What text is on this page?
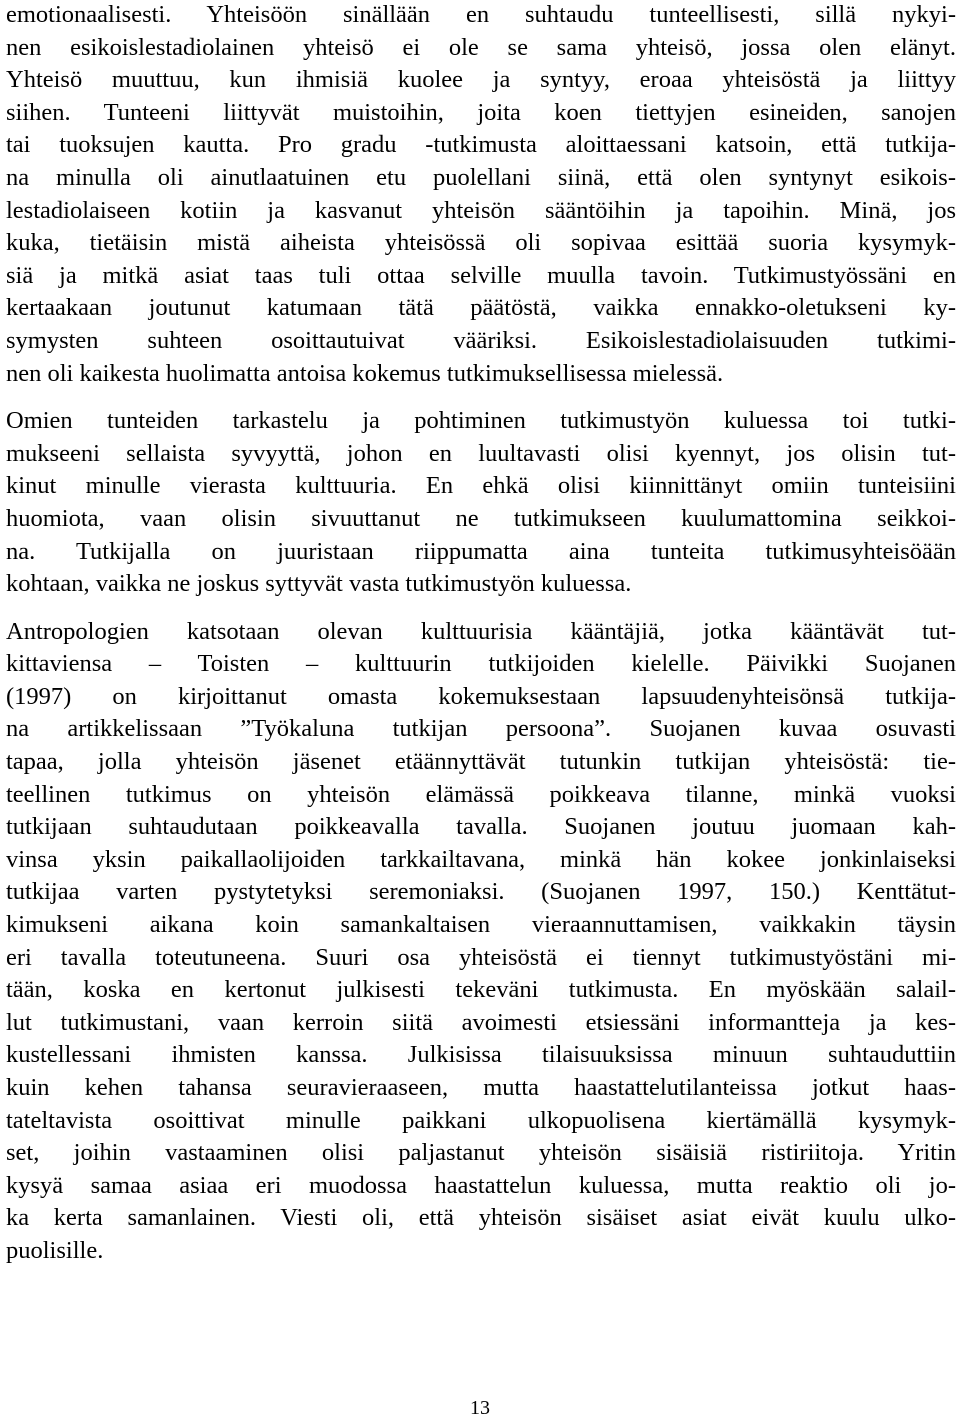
emotionaalisesti. Yhteisöön sinällään en suhtaudu tunteellisesti, sillä nykyi-
nen esikoislestadiolainen yhteisö ei ole se sama yhteisö, jossa olen elänyt.
Yhteisö muuttuu, kun ihmisiä kuolee ja syntyy, eroaa yhteisöstä ja liittyy
siihen. Tunteeni liittyvät muistoihin, joita koen tiettyjen esineiden, sanojen
tai tuoksujen kautta. Pro gradu -tutkimusta aloittaessani katsoin, että tutkija-
na minulla oli ainutlaatuinen etu puolellani siinä, että olen syntynyt esikois-
lestadiolaiseen kotiin ja kasvanut yhteisön sääntöihin ja tapoihin. Minä, jos
kuka, tietäisin mistä aiheista yhteisössä oli sopivaa esittää suoria kysymyk-
siä ja mitkä asiat taas tuli ottaa selville muulla tavoin. Tutkimustyössäni en
kertaakaan joutunut katumaan tätä päätöstä, vaikka ennakko-oletukseni ky-
symysten suhteen osoittautuivat vääriksi. Esikoislestadiolaisuuden tutkimi-
nen oli kaikesta huolimatta antoisa kokemus tutkimuksellisessa mielessä.
Omien tunteiden tarkastelu ja pohtiminen tutkimustyön kuluessa toi tutki-
mukseeni sellaista syvyyttä, johon en luultavasti olisi kyennyt, jos olisin tut-
kinut minulle vierasta kulttuuria. En ehkä olisi kiinnittänyt omiin tunteisiini
huomiota, vaan olisin sivuuttanut ne tutkimukseen kuulumattomina seikkoi-
na. Tutkijalla on juuristaan riippumatta aina tunteita tutkimusyhteisöään
kohtaan, vaikka ne joskus syttyvät vasta tutkimustyön kuluessa.
Antropologien katsotaan olevan kulttuurisia kääntäjiä, jotka kääntävät tut-
kittaviensa – Toisten – kulttuurin tutkijoiden kielelle. Päivikki Suojanen
(1997) on kirjoittanut omasta kokemuksestaan lapsuudenyhteisönsä tutkija-
na artikkelissaan ”Työkaluna tutkijan persoona”. Suojanen kuvaa osuvasti
tapaa, jolla yhteisön jäsenet etäännyttävät tutunkin tutkijan yhteisöstä: tie-
teellinen tutkimus on yhteisön elämässä poikkeava tilanne, minkä vuoksi
tutkijaan suhtaudutaan poikkeavalla tavalla. Suojanen joutuu juomaan kah-
vinsa yksin paikallaolijoiden tarkkailtavana, minkä hän kokee jonkinlaiseksi
tutkijaa varten pystytetyksi seremoniaksi. (Suojanen 1997, 150.) Kenttätut-
kimukseni aikana koin samankaltaisen vieraannuttamisen, vaikkakin täysin
eri tavalla toteutuneena. Suuri osa yhteisöstä ei tiennyt tutkimustyöstäni mi-
tään, koska en kertonut julkisesti tekeväni tutkimusta. En myöskään salail-
lut tutkimustani, vaan kerroin siitä avoimesti etsiessäni informantteja ja kes-
kustellessani ihmisten kanssa. Julkisissa tilaisuuksissa minuun suhtauduttiin
kuin kehen tahansa seuravieraaseen, mutta haastattelutilanteissa jotkut haas-
tateltavista osoittivat minulle paikkani ulkopuolisena kiertämällä kysymyk-
set, joihin vastaaminen olisi paljastanut yhteisön sisäisiä ristiriitoja. Yritin
kysyä samaa asiaa eri muodossa haastattelun kuluessa, mutta reaktio oli jo-
ka kerta samanlainen. Viesti oli, että yhteisön sisäiset asiat eivät kuulu ulko-
puolisille.
13
